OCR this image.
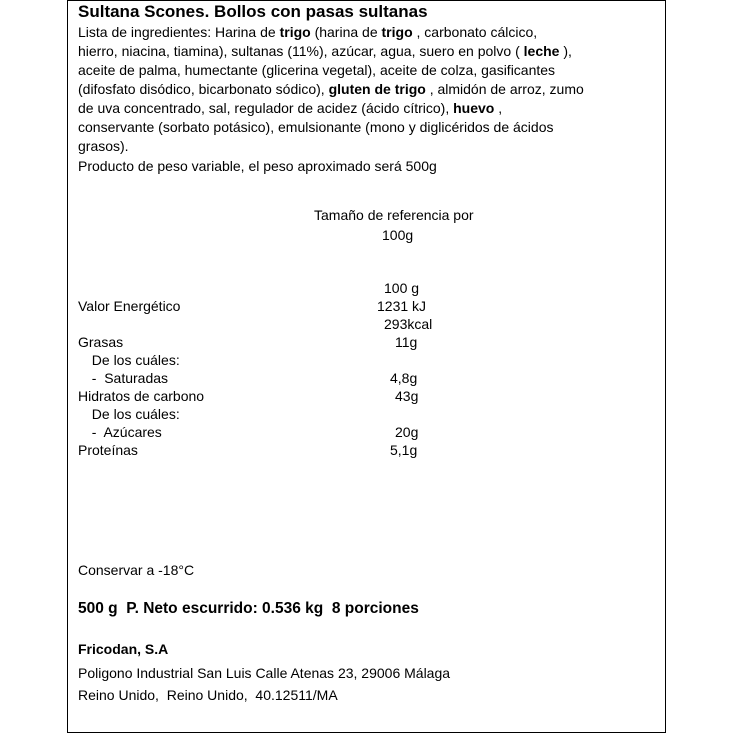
Sultana Scones. Bollos con pasas sultanas
Lista de ingredientes: Harina de trigo (harina de trigo , carbonato cálcico,
hierro, niacina, tiamina), sultanas (11%), azúcar, agua, suero en polvo ( leche ),
aceite de palma, humectante (glicerina vegetal), aceite de colza, gasificantes
(difosfato disódico, bicarbonato sódico), gluten de trigo , almidón de arroz, zumo
de uva concentrado, sal, regulador de acidez (ácido cítrico), huevo ,
conservante (sorbato potásico), emulsionante (mono y diglicéridos de ácidos
grasos).
Producto de peso variable, el peso aproximado será 500g
Tamaño de referencia por
100g
100 g
Valor Energético	1231 kJ
293kcal
Grasas	11g
De los cuáles:
-  Saturadas	4,8g
Hidratos de carbono	43g
De los cuáles:
-  Azúcares	20g
Proteínas	5,1g
Conservar a -18°C
500 g  P. Neto escurrido: 0.536 kg  8 porciones
Fricodan, S.A
Poligono Industrial San Luis Calle Atenas 23, 29006 Málaga
Reino Unido,  Reino Unido,  40.12511/MA
